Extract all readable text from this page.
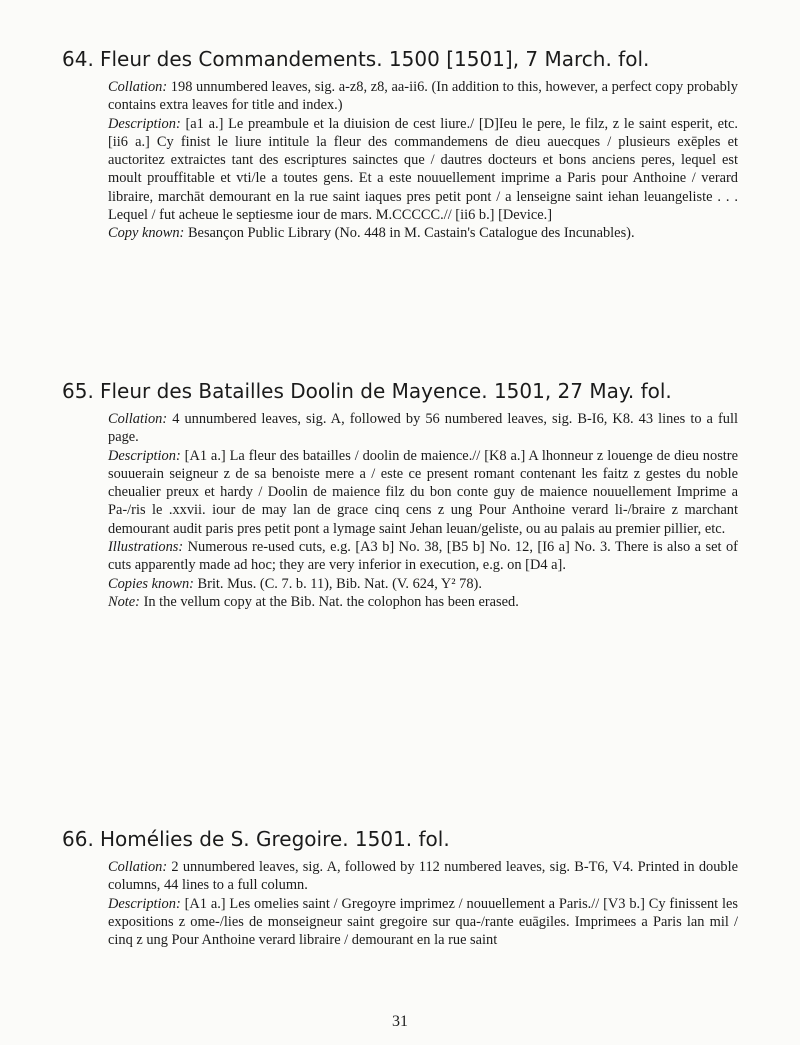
64. Fleur des Commandements. 1500 [1501], 7 March. fol.

Collation: 198 unnumbered leaves, sig. a-z8, z8, aa-ii6. (In addition to this, however, a perfect copy probably contains extra leaves for title and index.)

Description: [a1 a.] Le preambule et la diuision de cest liure./ [D]Ieu le pere, le filz, z le saint esperit, etc. [ii6 a.] Cy finist le liure intitule la fleur des commandemens de dieu auecques / plusieurs exēples et auctoritez extraictes tant des escriptures sainctes que / dautres docteurs et bons anciens peres, lequel est moult prouffitable et vti/le a toutes gens. Et a este nouuellement imprime a Paris pour Anthoine / verard libraire, marchāt demourant en la rue saint iaques pres petit pont / a lenseigne saint iehan leuangeliste . . . Lequel / fut acheue le septiesme iour de mars. M.CCCCC.// [ii6 b.] [Device.]

Copy known: Besançon Public Library (No. 448 in M. Castain's Catalogue des Incunables).

65. Fleur des Batailles Doolin de Mayence. 1501, 27 May. fol.

Collation: 4 unnumbered leaves, sig. A, followed by 56 numbered leaves, sig. B-I6, K8. 43 lines to a full page.

Description: [A1 a.] La fleur des batailles / doolin de maience.// [K8 a.] A lhonneur z louenge de dieu nostre souuerain seigneur z de sa benoiste mere a / este ce present romant contenant les faitz z gestes du noble cheualier preux et hardy / Doolin de maience filz du bon conte guy de maience nouuellement Imprime a Pa-/ris le .xxvii. iour de may lan de grace cinq cens z ung Pour Anthoine verard li-/braire z marchant demourant audit paris pres petit pont a lymage saint Jehan leuan/geliste, ou au palais au premier pillier, etc.

Illustrations: Numerous re-used cuts, e.g. [A3 b] No. 38, [B5 b] No. 12, [I6 a] No. 3. There is also a set of cuts apparently made ad hoc; they are very inferior in execution, e.g. on [D4 a].

Copies known: Brit. Mus. (C. 7. b. 11), Bib. Nat. (V. 624, Y² 78).

Note: In the vellum copy at the Bib. Nat. the colophon has been erased.

66. Homélies de S. Gregoire. 1501. fol.

Collation: 2 unnumbered leaves, sig. A, followed by 112 numbered leaves, sig. B-T6, V4. Printed in double columns, 44 lines to a full column.

Description: [A1 a.] Les omelies saint / Gregoyre imprimez / nouuellement a Paris.// [V3 b.] Cy finissent les expositions z ome-/lies de monseigneur saint gregoire sur qua-/rante euāgiles. Imprimees a Paris lan mil / cinq z ung Pour Anthoine verard libraire / demourant en la rue saint

31
